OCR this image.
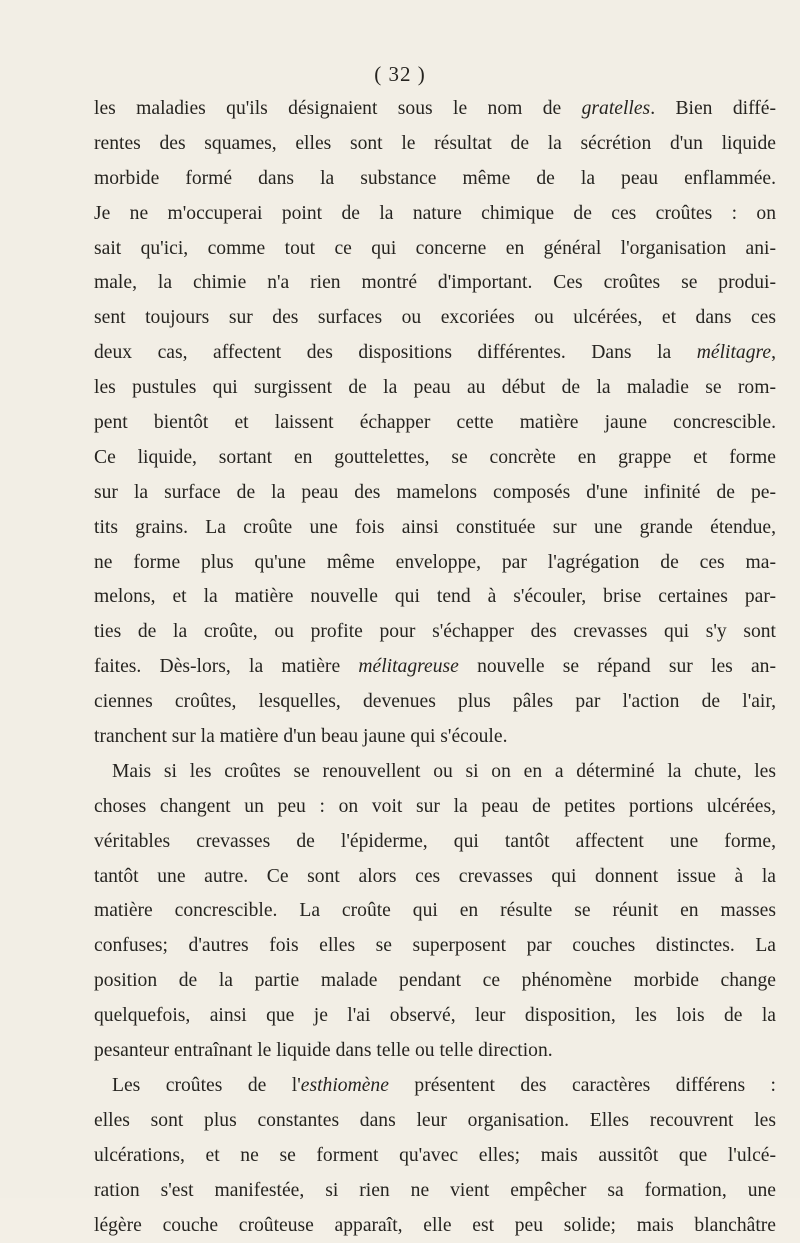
( 32 )
les maladies qu'ils désignaient sous le nom de gratelles. Bien diffé-
rentes des squames, elles sont le résultat de la sécrétion d'un liquide
morbide formé dans la substance même de la peau enflammée.
Je ne m'occuperai point de la nature chimique de ces croûtes : on
sait qu'ici, comme tout ce qui concerne en général l'organisation ani-
male, la chimie n'a rien montré d'important. Ces croûtes se produi-
sent toujours sur des surfaces ou excoriées ou ulcérées, et dans ces
deux cas, affectent des dispositions différentes. Dans la mélitagre,
les pustules qui surgissent de la peau au début de la maladie se rom-
pent bientôt et laissent échapper cette matière jaune concrescible.
Ce liquide, sortant en gouttelettes, se concrète en grappe et forme
sur la surface de la peau des mamelons composés d'une infinité de pe-
tits grains. La croûte une fois ainsi constituée sur une grande étendue,
ne forme plus qu'une même enveloppe, par l'agrégation de ces ma-
melons, et la matière nouvelle qui tend à s'écouler, brise certaines par-
ties de la croûte, ou profite pour s'échapper des crevasses qui s'y sont
faites. Dès-lors, la matière mélitagreuse nouvelle se répand sur les an-
ciennes croûtes, lesquelles, devenues plus pâles par l'action de l'air,
tranchent sur la matière d'un beau jaune qui s'écoule.
Mais si les croûtes se renouvellent ou si on en a déterminé la chute, les
choses changent un peu : on voit sur la peau de petites portions ulcérées,
véritables crevasses de l'épiderme, qui tantôt affectent une forme,
tantôt une autre. Ce sont alors ces crevasses qui donnent issue à la
matière concrescible. La croûte qui en résulte se réunit en masses
confuses; d'autres fois elles se superposent par couches distinctes. La
position de la partie malade pendant ce phénomène morbide change
quelquefois, ainsi que je l'ai observé, leur disposition, les lois de la
pesanteur entraînant le liquide dans telle ou telle direction.
Les croûtes de l'esthiomène présentent des caractères différens :
elles sont plus constantes dans leur organisation. Elles recouvrent les
ulcérations, et ne se forment qu'avec elles; mais aussitôt que l'ulcé-
ration s'est manifestée, si rien ne vient empêcher sa formation, une
légère couche croûteuse apparaît, elle est peu solide; mais blanchâtre
